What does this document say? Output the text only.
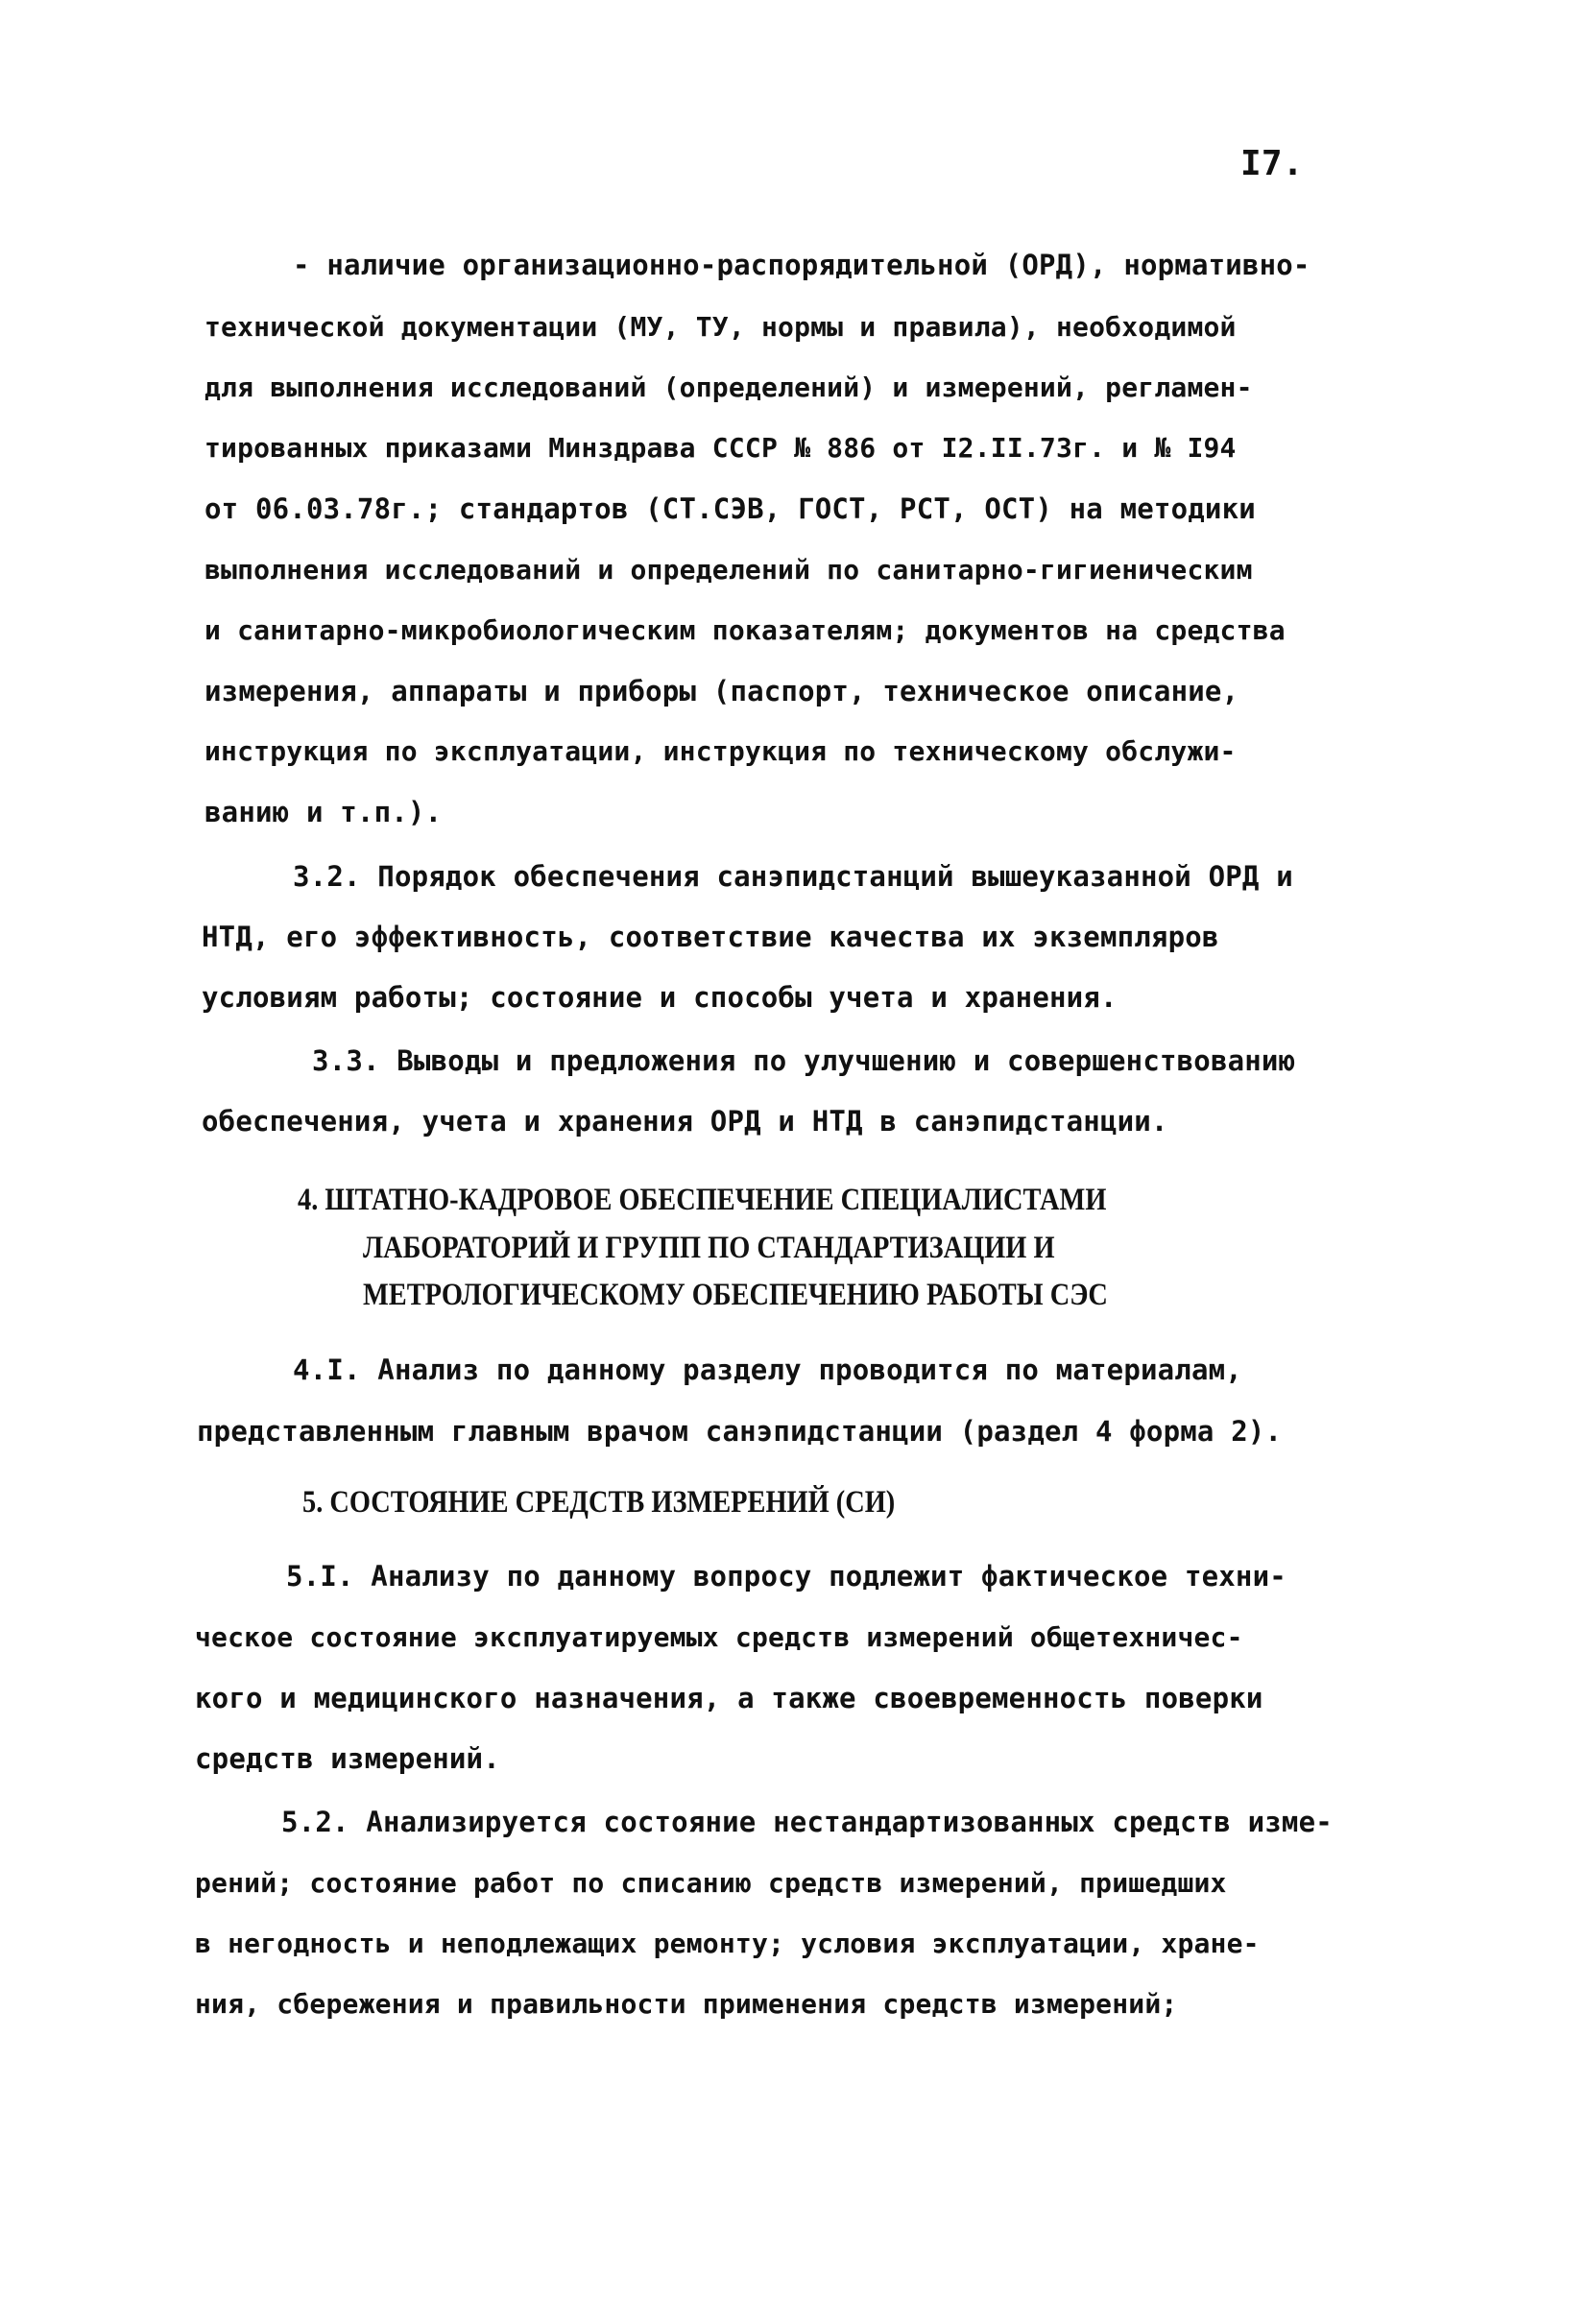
I7.
- наличие организационно-распорядительной (ОРД), нормативно-
технической документации (МУ, ТУ, нормы и правила), необходимой
для выполнения исследований (определений) и измерений, регламен-
тированных приказами Минздрава СССР № 886 от I2.II.73г. и № I94
от 06.03.78г.; стандартов (СТ.СЭВ, ГОСТ, РСТ, ОСТ) на методики
выполнения исследований и определений по санитарно-гигиеническим
и санитарно-микробиологическим показателям; документов на средства
измерения, аппараты и приборы (паспорт, техническое описание,
инструкция по эксплуатации, инструкция по техническому обслужи-
ванию и т.п.).
3.2. Порядок обеспечения санэпидстанций вышеуказанной ОРД и
НТД, его эффективность, соответствие качества их экземпляров
условиям работы; состояние и способы учета и хранения.
3.3. Выводы и предложения по улучшению и совершенствованию
обеспечения, учета и хранения ОРД и НТД в санэпидстанции.
4. ШТАТНО-КАДРОВОЕ ОБЕСПЕЧЕНИЕ СПЕЦИАЛИСТАМИ
ЛАБОРАТОРИЙ И ГРУПП ПО СТАНДАРТИЗАЦИИ И
МЕТРОЛОГИЧЕСКОМУ ОБЕСПЕЧЕНИЮ РАБОТЫ СЭС
4.I. Анализ по данному разделу проводится по материалам,
представленным главным врачом санэпидстанции (раздел 4 форма 2).
5. СОСТОЯНИЕ СРЕДСТВ ИЗМЕРЕНИЙ (СИ)
5.I. Анализу по данному вопросу подлежит фактическое техни-
ческое состояние эксплуатируемых средств измерений общетехничес-
кого и медицинского назначения, а также своевременность поверки
средств измерений.
5.2. Анализируется состояние нестандартизованных средств изме-
рений; состояние работ по списанию средств измерений, пришедших
в негодность и неподлежащих ремонту; условия эксплуатации, хране-
ния, сбережения и правильности применения средств измерений;
